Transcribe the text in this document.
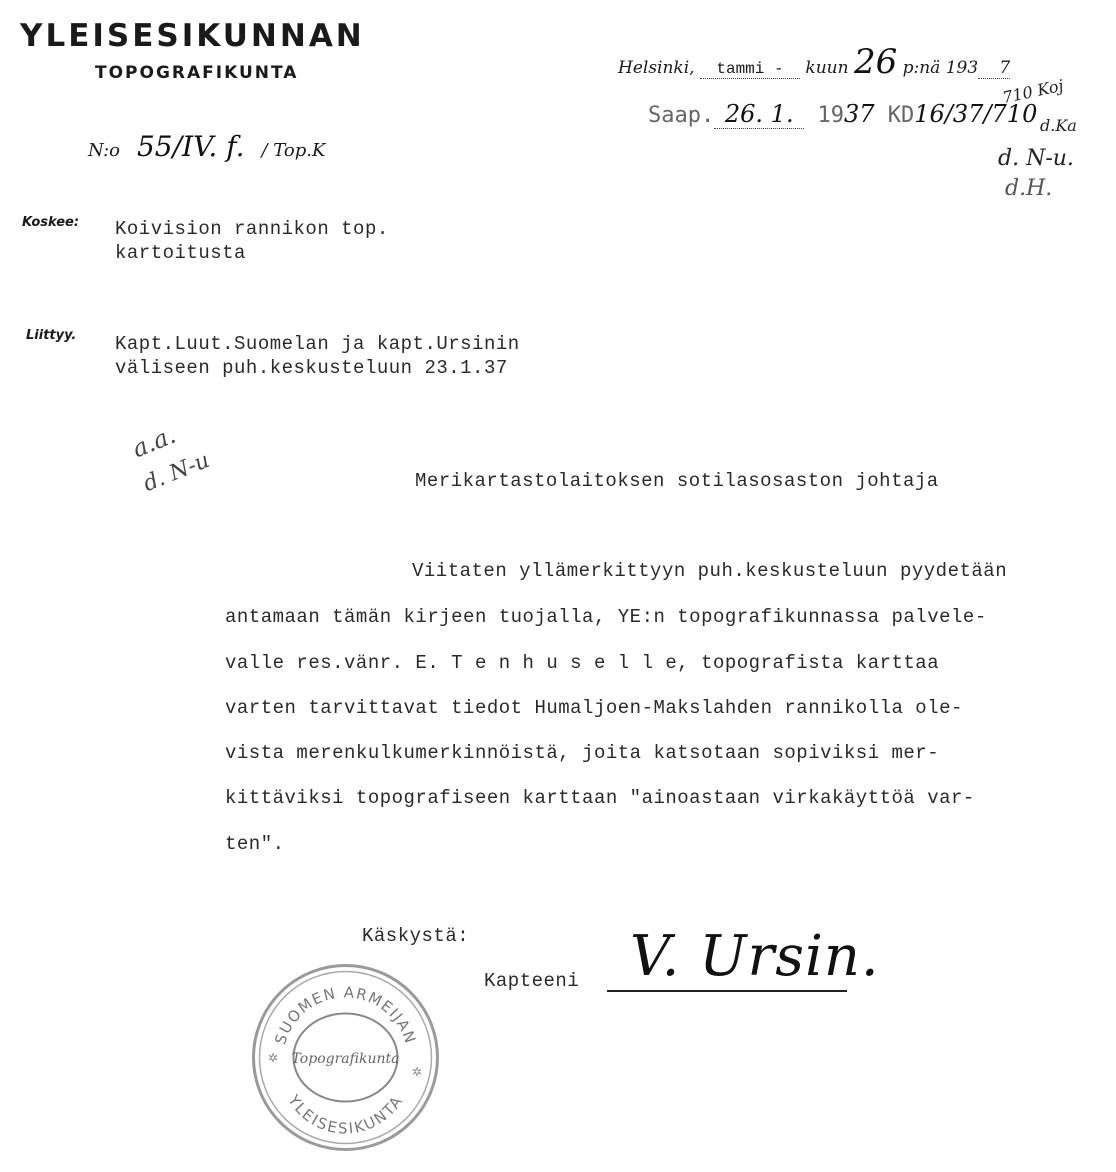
YLEISESIKUNNAN
TOPOGRAFIKUNTA	Helsinki, tammi - kuun 26 p:nä 193 7
Saap. 26. 1. 1937 KD16/37/710
710 Koj
d.Ka
d. N-u.
d.H.
N:o 55/IV. f. / Top.K
Koskee: Koivision rannikon top.
kartoitusta
Liittyy. Kapt.Luut.Suomelan ja kapt.Ursinin
väliseen puh.keskusteluun 23.1.37
a.a.
d. N-u	Merikartastolaitoksen sotilasosaston johtaja
Viitaten yllämerkittyyn puh.keskusteluun pyydetään
antamaan tämän kirjeen tuojalla, YE:n topografikunnassa palvele-
valle res.vänr. E. T e n h u s e l l e, topografista karttaa
varten tarvittavat tiedot Humaljoen-Makslahden rannikolla ole-
vista merenkulkumerkinnöistä, joita katsotaan sopiviksi mer-
kittäviksi topografiseen karttaan "ainoastaan virkakäyttöä var-
ten".
Käskystä:
Kapteeni V. Ursin.
SUOMEN ARMEIJAN
YLEISESIKUNTA
Topografikunta
✲
✲
